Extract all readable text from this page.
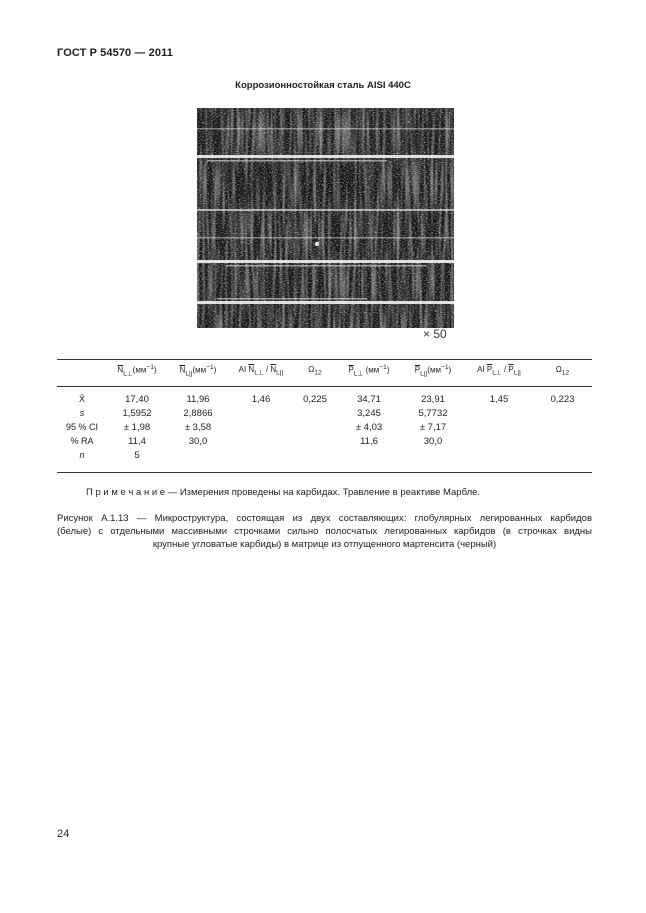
ГОСТ Р 54570 — 2011
Коррозионностойкая сталь AISI 440C
× 50
	$\overline{N}_{L\perp}(мм^{-1})$	$\overline{N}_{L||}(мм^{-1})$	AI $\overline{N}_{L\perp} / \overline{N}_{L||}$	$\Omega_{12}$	$\overline{P}_{L\perp}$ $(мм^{-1})$	$\overline{P}_{L||}(мм^{-1})$	AI $\overline{P}_{L\perp} / \overline{P}_{L||}$	$\Omega_{12}$
X̄	17,40	11,96	1,46	0,225	34,71	23,91	1,45	0,223
s	1,5952	2,8866			3,245	5,7732		
95 % CI	± 1,98	± 3,58			± 4,03	± 7,17		
% RA	11,4	30,0			11,6	30,0		
n	5							
П р и м е ч а н и е — Измерения проведены на карбидах. Травление в реактиве Марбле.

Рисунок А.1.13 — Микроструктура, состоящая из двух составляющих: глобулярных легированных карбидов

(белые) с отдельными массивными строчками сильно полосчатых легированных карбидов (в строчках видны

крупные угловатые карбиды) в матрице из отпущенного мартенсита (черный)

24
